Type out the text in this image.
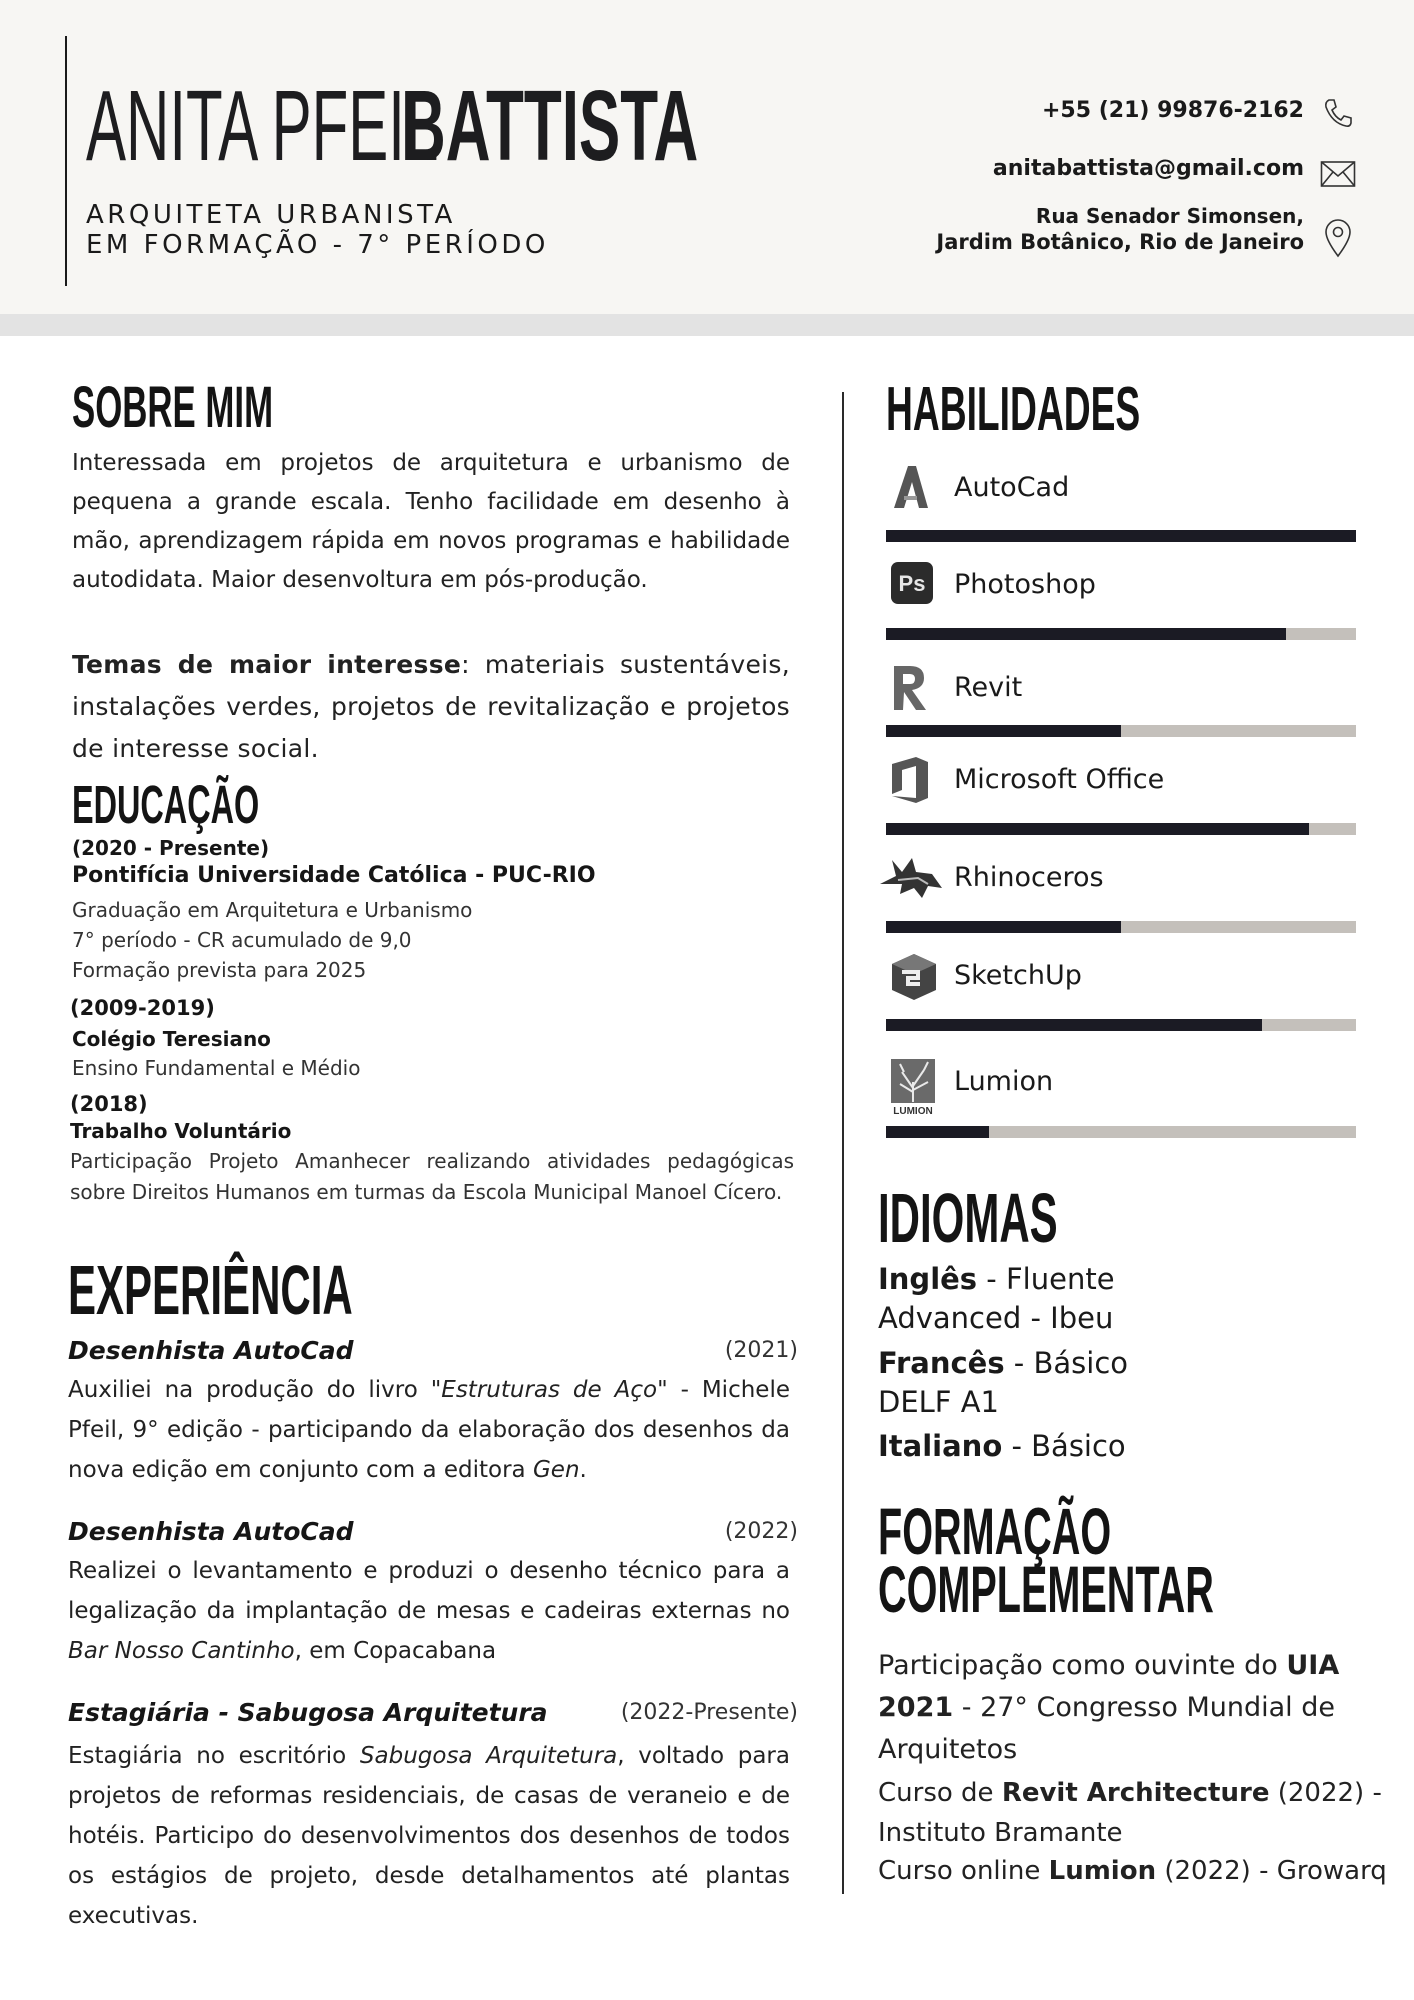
ANITA PFEIL
BATTISTA
ARQUITETA URBANISTA
EM FORMAÇÃO - 7° PERÍODO
+55 (21) 99876-2162
anitabattista@gmail.com
Rua Senador Simonsen,
Jardim Botânico, Rio de Janeiro
SOBRE MIM
Interessada em projetos de arquitetura e urbanismo de pequena a grande escala. Tenho facilidade em desenho à mão, aprendizagem rápida em novos programas e habilidade autodidata. Maior desenvoltura em pós-produção.
Temas de maior interesse: materiais sustentáveis, instalações verdes, projetos de revitalização e projetos de interesse social.
EDUCAÇÃO
(2020 - Presente)
Pontifícia Universidade Católica - PUC-RIO
Graduação em Arquitetura e Urbanismo
7° período - CR acumulado de 9,0
Formação prevista para 2025
(2009-2019)
Colégio Teresiano
Ensino Fundamental e Médio
(2018)
Trabalho Voluntário
Participação Projeto Amanhecer realizando atividades pedagógicas sobre Direitos Humanos em turmas da Escola Municipal Manoel Cícero.
EXPERIÊNCIA
Desenhista AutoCad	(2021)
Auxiliei na produção do livro "Estruturas de Aço" - Michele Pfeil, 9° edição - participando da elaboração dos desenhos da nova edição em conjunto com a editora Gen.
Desenhista AutoCad	(2022)
Realizei o levantamento e produzi o desenho técnico para a legalização da implantação de mesas e cadeiras externas no Bar Nosso Cantinho, em Copacabana
Estagiária - Sabugosa Arquitetura	(2022-Presente)
Estagiária no escritório Sabugosa Arquitetura, voltado para projetos de reformas residenciais, de casas de veraneio e de hotéis. Participo do desenvolvimentos dos desenhos de todos os estágios de projeto, desde detalhamentos até plantas executivas.
HABILIDADES
AutoCad
Ps Photoshop
Revit
Microsoft Office
Rhinoceros
SketchUp
LUMION
Lumion
IDIOMAS
Inglês - Fluente
Advanced - Ibeu
Francês - Básico
DELF A1
Italiano - Básico
FORMAÇÃO
COMPLEMENTAR
Participação como ouvinte do UIA
2021 - 27° Congresso Mundial de
Arquitetos
Curso de Revit Architecture (2022) -
Instituto Bramante
Curso online Lumion (2022) - Growarq
